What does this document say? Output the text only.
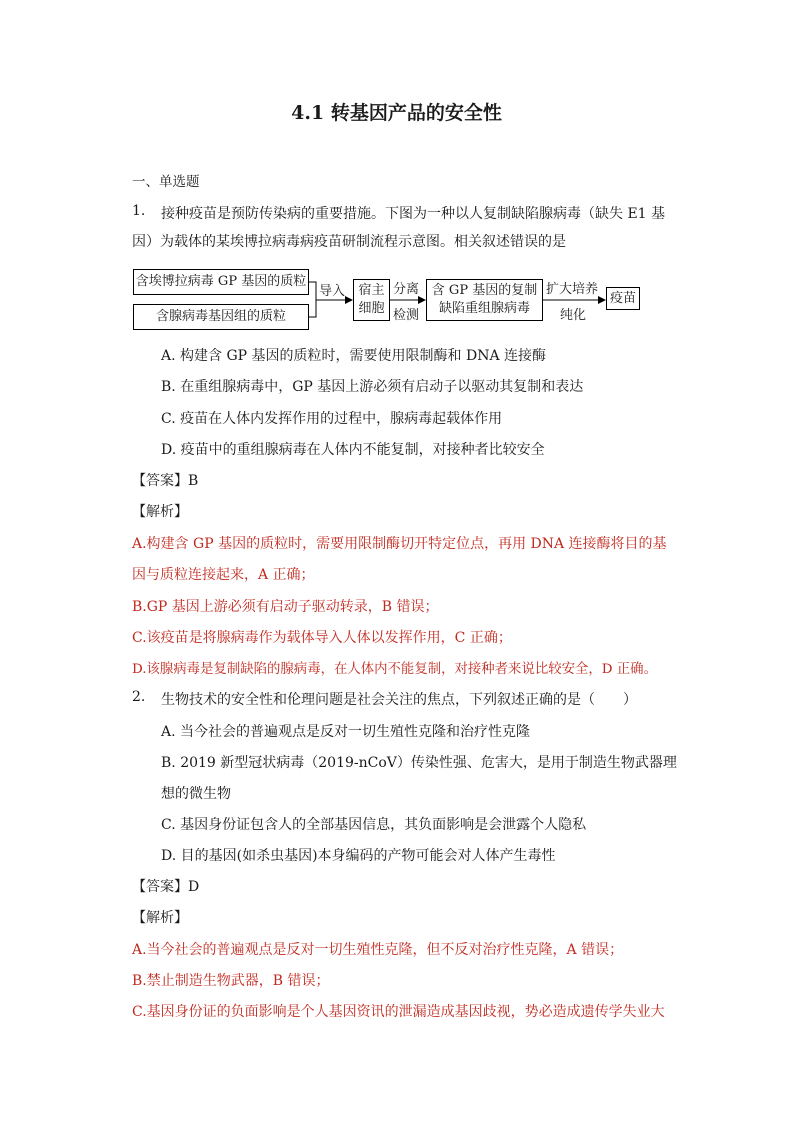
4.1 转基因产品的安全性
一、单选题
1. 接种疫苗是预防传染病的重要措施。下图为一种以人复制缺陷腺病毒（缺失 E1 基
因）为载体的某埃博拉病毒病疫苗研制流程示意图。相关叙述错误的是
含埃博拉病毒 GP 基因的质粒
含腺病毒基因组的质粒
导入	宿主
细胞
分离
检测
含 GP 基因的复制
缺陷重组腺病毒
扩大培养
纯化
疫苗
A. 构建含 GP 基因的质粒时，需要使用限制酶和 DNA 连接酶
B. 在重组腺病毒中，GP 基因上游必须有启动子以驱动其复制和表达
C. 疫苗在人体内发挥作用的过程中，腺病毒起载体作用
D. 疫苗中的重组腺病毒在人体内不能复制，对接种者比较安全
【答案】B
【解析】
A.构建含 GP 基因的质粒时，需要用限制酶切开特定位点，再用 DNA 连接酶将目的基
因与质粒连接起来，A 正确；
B.GP 基因上游必须有启动子驱动转录，B 错误；
C.该疫苗是将腺病毒作为载体导入人体以发挥作用，C 正确；
D.该腺病毒是复制缺陷的腺病毒，在人体内不能复制，对接种者来说比较安全，D 正确。
2. 生物技术的安全性和伦理问题是社会关注的焦点，下列叙述正确的是（　　）
A. 当今社会的普遍观点是反对一切生殖性克隆和治疗性克隆
B. 2019 新型冠状病毒（2019-nCoV）传染性强、危害大，是用于制造生物武器理
想的微生物
C. 基因身份证包含人的全部基因信息，其负面影响是会泄露个人隐私
D. 目的基因(如杀虫基因)本身编码的产物可能会对人体产生毒性
【答案】D
【解析】
A.当今社会的普遍观点是反对一切生殖性克隆，但不反对治疗性克隆，A 错误；
B.禁止制造生物武器，B 错误；
C.基因身份证的负面影响是个人基因资讯的泄漏造成基因歧视，势必造成遗传学失业大
